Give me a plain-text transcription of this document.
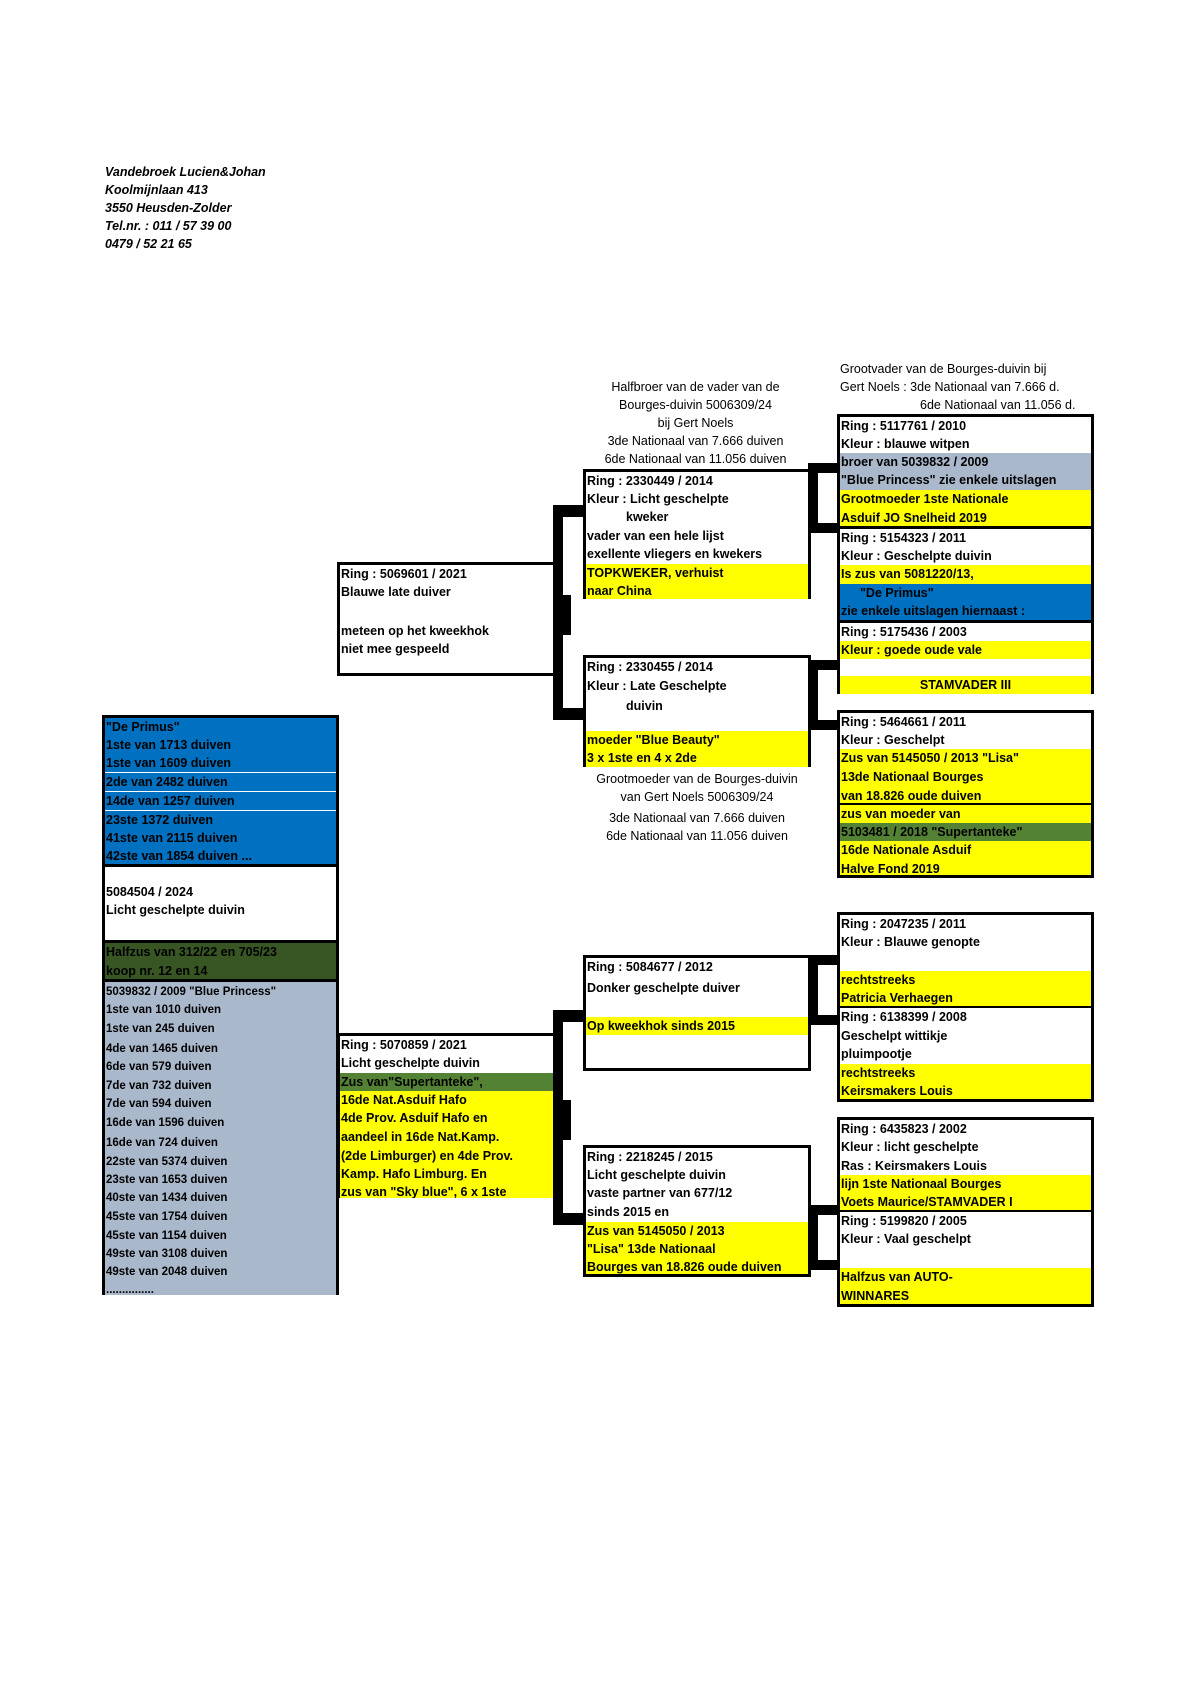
Vandebroek Lucien&Johan
Koolmijnlaan 413
3550 Heusden-Zolder
Tel.nr. : 011 / 57 39 00
0479 / 52 21 65
"De Primus"
1ste van 1713 duiven
1ste van 1609 duiven
2de van 2482 duiven
14de van 1257 duiven
23ste 1372 duiven
41ste van 2115 duiven
42ste van 1854 duiven ...
5084504 / 2024
Licht geschelpte duivin
Halfzus van 312/22 en 705/23
koop nr. 12 en 14
5039832 / 2009 "Blue Princess"
1ste van 1010 duiven
1ste van 245 duiven
4de van 1465 duiven
6de van 579 duiven
7de van 732 duiven
7de van 594 duiven
16de van 1596 duiven
16de van 724 duiven
22ste van 5374 duiven
23ste van 1653 duiven
40ste van 1434 duiven
45ste van 1754 duiven
45ste van 1154 duiven
49ste van 3108 duiven
49ste van 2048 duiven
...............
Ring : 5069601 / 2021
Blauwe late duiver
meteen op het kweekhok
niet mee gespeeld
Ring : 5070859 / 2021
Licht geschelpte duivin
Zus van"Supertanteke",
16de Nat.Asduif Hafo
4de Prov. Asduif Hafo en
aandeel in 16de Nat.Kamp.
(2de Limburger) en 4de Prov.
Kamp. Hafo Limburg. En
zus van "Sky blue", 6 x 1ste
Halfbroer van de vader van de
Bourges-duivin 5006309/24
bij Gert Noels
3de Nationaal van 7.666 duiven
6de Nationaal van 11.056 duiven
Ring : 2330449 / 2014
Kleur : Licht geschelpte
kweker
vader van een hele lijst
exellente vliegers en kwekers
TOPKWEKER, verhuist
naar China
Ring : 2330455 / 2014
Kleur : Late Geschelpte
duivin
moeder "Blue Beauty"
3 x 1ste en 4 x 2de
Grootmoeder van de Bourges-duivin
van Gert Noels 5006309/24
3de Nationaal van 7.666 duiven
6de Nationaal van 11.056 duiven
Ring : 5084677 / 2012
Donker geschelpte duiver
Op kweekhok sinds 2015
Ring : 2218245 / 2015
Licht geschelpte duivin
vaste partner van 677/12
sinds 2015 en
Zus van 5145050 / 2013
"Lisa" 13de Nationaal
Bourges van 18.826 oude duiven
Grootvader van de Bourges-duivin bij
Gert Noels : 3de Nationaal van 7.666 d.
6de Nationaal van 11.056 d.
Ring : 5117761 / 2010
Kleur : blauwe witpen
broer van 5039832 / 2009
"Blue Princess" zie enkele uitslagen
Grootmoeder 1ste Nationale
Asduif JO Snelheid 2019
Ring : 5154323 / 2011
Kleur : Geschelpte duivin
Is zus van 5081220/13,
"De Primus"
zie enkele uitslagen hiernaast :
Ring : 5175436 / 2003
Kleur : goede oude vale
STAMVADER III
Ring : 5464661 / 2011
Kleur : Geschelpt
Zus van 5145050 / 2013 "Lisa"
13de Nationaal Bourges
van 18.826 oude duiven
zus van moeder van
5103481 / 2018 "Supertanteke"
16de Nationale Asduif
Halve Fond 2019
Ring : 2047235 / 2011
Kleur : Blauwe genopte
rechtstreeks
Patricia Verhaegen
Ring : 6138399 / 2008
Geschelpt wittikje
pluimpootje
rechtstreeks
Keirsmakers Louis
Ring : 6435823 / 2002
Kleur : licht geschelpte
Ras : Keirsmakers Louis
lijn 1ste Nationaal Bourges
Voets Maurice/STAMVADER I
Ring : 5199820 / 2005
Kleur : Vaal geschelpt
Halfzus van AUTO-
WINNARES
